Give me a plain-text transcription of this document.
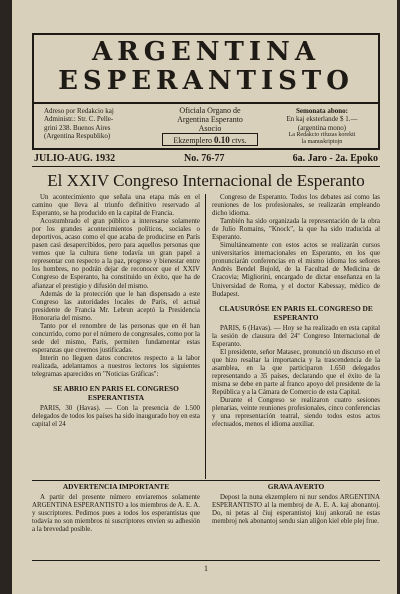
ARGENTINA
ESPERANTISTO
Adreso por Redakcio kaj
Administr.: Str. C. Pelle-
grini 238. Buenos Aires
(Argentina Respubliko)
Oficiala Organo de
Argentina Esperanto
Asocio
Ekzemplero 0.10 ctvs.
Semonata abono:
En kaj eksterlande $ 1.—
(argentina mono)
La Redakcio rifuzas korekti
la manuskriptojn
JULIO-AUG. 1932	No. 76-77	6a. Jaro - 2a. Epoko
El XXIV Congreso Internacional de Esperanto

Un acontecimiento que señala una etapa más en el camino que lleva al triunfo definitivo reservado al Esperanto, se ha producido en la capital de Francia.

Acostumbrado el gran público a interesarse solamente por los grandes acontecimientos políticos, sociales o deportivos, acaso como el que acaba de producirse en París pasen casi desapercibidos, pero para aquellos personas que vemos que la cultura tiene todavía un gran papel a representar con respecto a la paz, progreso y bienestar entre los hombres, no podrán dejar de reconocer que el XXIV Congreso de Esperanto, ha constituido un éxito, que ha de afianzar el prestigio y difusión del mismo.

Además de la protección que le han dispensado a este Congreso las autoridades locales de París, el actual presidente de Francia Mr. Lebrun aceptó la Presidencia Honoraria del mismo.

Tanto por el renombre de las personas que en él han concurrido, como por el número de congresales, como por la sede del mismo, París, permiten fundamentar estas esperanzas que creemos justificadas.

Interín no lleguen datos concretos respecto a la labor realizada, adelantamos a nuestros lectores los siguientes telegramas aparecidos en "Noticias Gráficas":

SE ABRIO EN PARIS EL CONGRESO ESPERANTISTA

PARIS, 30 (Havas). — Con la presencia de 1.500 delegados de todos los países ha sido inaugurado hoy en esta capital el 24

Congreso de Esperanto. Todos los debates así como las reuniones de los profesionales, se realizarán empleando dicho idioma.

También ha sido organizada la representación de la obra de Julio Romains, "Knock", la que ha sido traducida al Esperanto.

Simultáneamente con estos actos se realizarán cursos universitarios internacionales en Esperanto, en los que pronunciarán conferencias en el mismo idioma los señores Andrés Bendel Bujold, de la Facultad de Medicina de Cracovia; Migliorini, encargado de dictar enseñanza en la Universidad de Roma, y el doctor Kabessay, médico de Budapest.

CLAUSURÓSE EN PARIS EL CONGRESO DE ESPERANTO

PARIS, 6 (Havas). — Hoy se ha realizado en esta capital la sesión de clausura del 24º Congreso Internacional de Esperanto.

El presidente, señor Matasec, pronunció un discurso en el que hizo resaltar la importancia y la trascendencia de la asamblea, en la que participaron 1.650 delegados representando a 35 países, declarando que el éxito de la misma se debe en parte al franco apoyo del presidente de la República y a la Cámara de Comercio de esta Capital.

Durante el Congreso se realizaron cuatro sesiones plenarias, veinte reuniones profesionales, cinco conferencias y una representación teatral, siendo todos estos actos efectuados, menos el idioma auxiliar.

ADVERTENCIA IMPORTANTE

A partir del presente número enviaremos solamente ARGENTINA ESPERANTISTO a los miembros de A. E. A. y suscriptores. Pedimos pues a todos los esperantistas que todavía no son miembros ni suscriptores envíen su adhesión a la brevedad posible.

GRAVA AVERTO

Depost la nuna ekzemplero ni nur sendos ARGENTINA ESPERANTISTO al la membroj de A. E. A. kaj abonantoj. Do, ni petas al ĉiuj esperantistoj kiuj ankoraŭ ne estas membroj nek abonantoj sendu sian aliĝon kiel eble plej frue.

1
